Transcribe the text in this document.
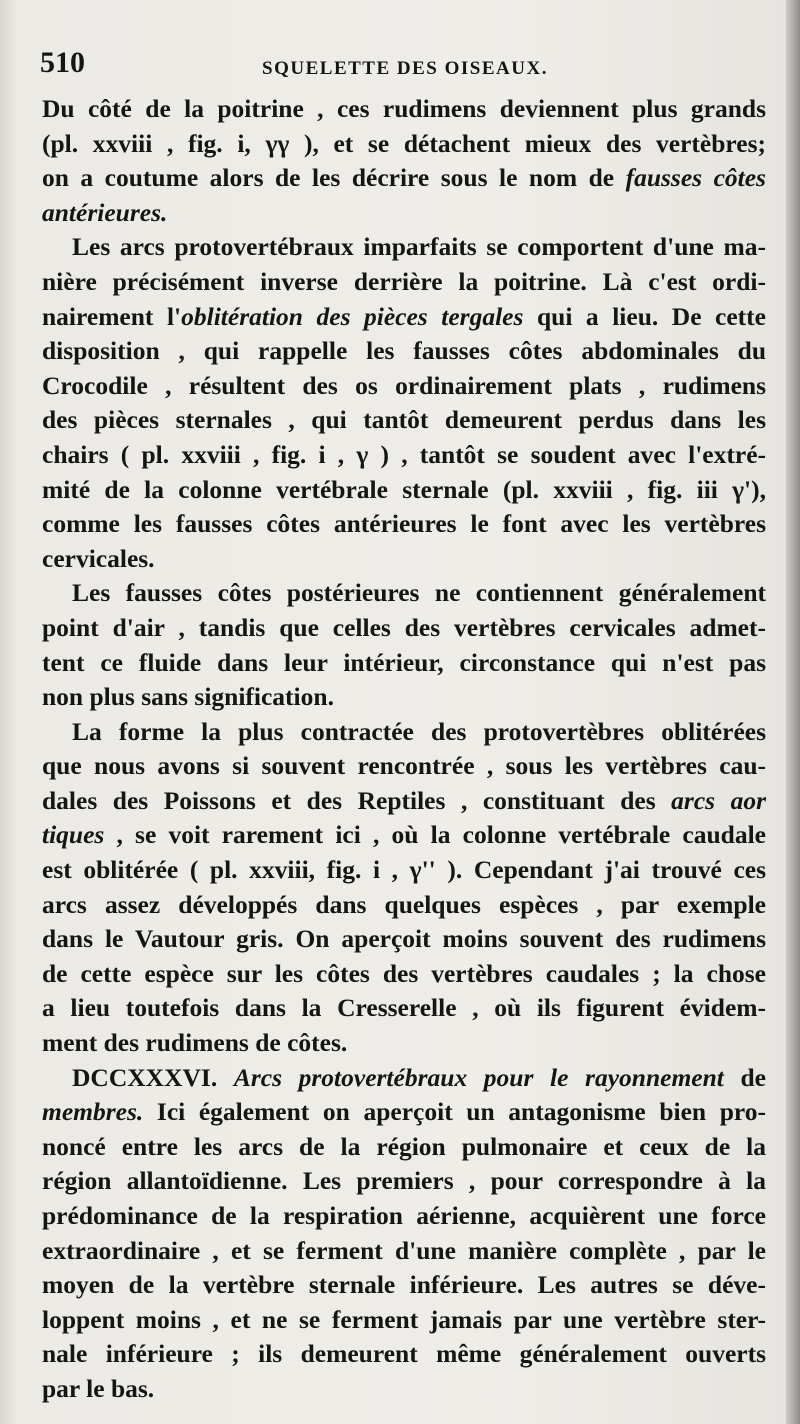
510	SQUELETTE DES OISEAUX.
Du côté de la poitrine , ces rudimens deviennent plus grands
(pl. xxviii , fig. i, γγ ), et se détachent mieux des vertèbres;
on a coutume alors de les décrire sous le nom de fausses côtes
antérieures.
Les arcs protovertébraux imparfaits se comportent d'une ma-
nière précisément inverse derrière la poitrine. Là c'est ordi-
nairement l'oblitération des pièces tergales qui a lieu. De cette
disposition , qui rappelle les fausses côtes abdominales du
Crocodile , résultent des os ordinairement plats , rudimens
des pièces sternales , qui tantôt demeurent perdus dans les
chairs ( pl. xxviii , fig. i , γ ) , tantôt se soudent avec l'extré-
mité de la colonne vertébrale sternale (pl. xxviii , fig. iii γ'),
comme les fausses côtes antérieures le font avec les vertèbres
cervicales.
Les fausses côtes postérieures ne contiennent généralement
point d'air , tandis que celles des vertèbres cervicales admet-
tent ce fluide dans leur intérieur, circonstance qui n'est pas
non plus sans signification.
La forme la plus contractée des protovertèbres oblitérées
que nous avons si souvent rencontrée , sous les vertèbres cau-
dales des Poissons et des Reptiles , constituant des arcs aor
tiques , se voit rarement ici , où la colonne vertébrale caudale
est oblitérée ( pl. xxviii, fig. i , γ'' ). Cependant j'ai trouvé ces
arcs assez développés dans quelques espèces , par exemple
dans le Vautour gris. On aperçoit moins souvent des rudimens
de cette espèce sur les côtes des vertèbres caudales ; la chose
a lieu toutefois dans la Cresserelle , où ils figurent évidem-
ment des rudimens de côtes.
DCCXXXVI. Arcs protovertébraux pour le rayonnement de
membres. Ici également on aperçoit un antagonisme bien pro-
noncé entre les arcs de la région pulmonaire et ceux de la
région allantoïdienne. Les premiers , pour correspondre à la
prédominance de la respiration aérienne, acquièrent une force
extraordinaire , et se ferment d'une manière complète , par le
moyen de la vertèbre sternale inférieure. Les autres se déve-
loppent moins , et ne se ferment jamais par une vertèbre ster-
nale inférieure ; ils demeurent même généralement ouverts
par le bas.
